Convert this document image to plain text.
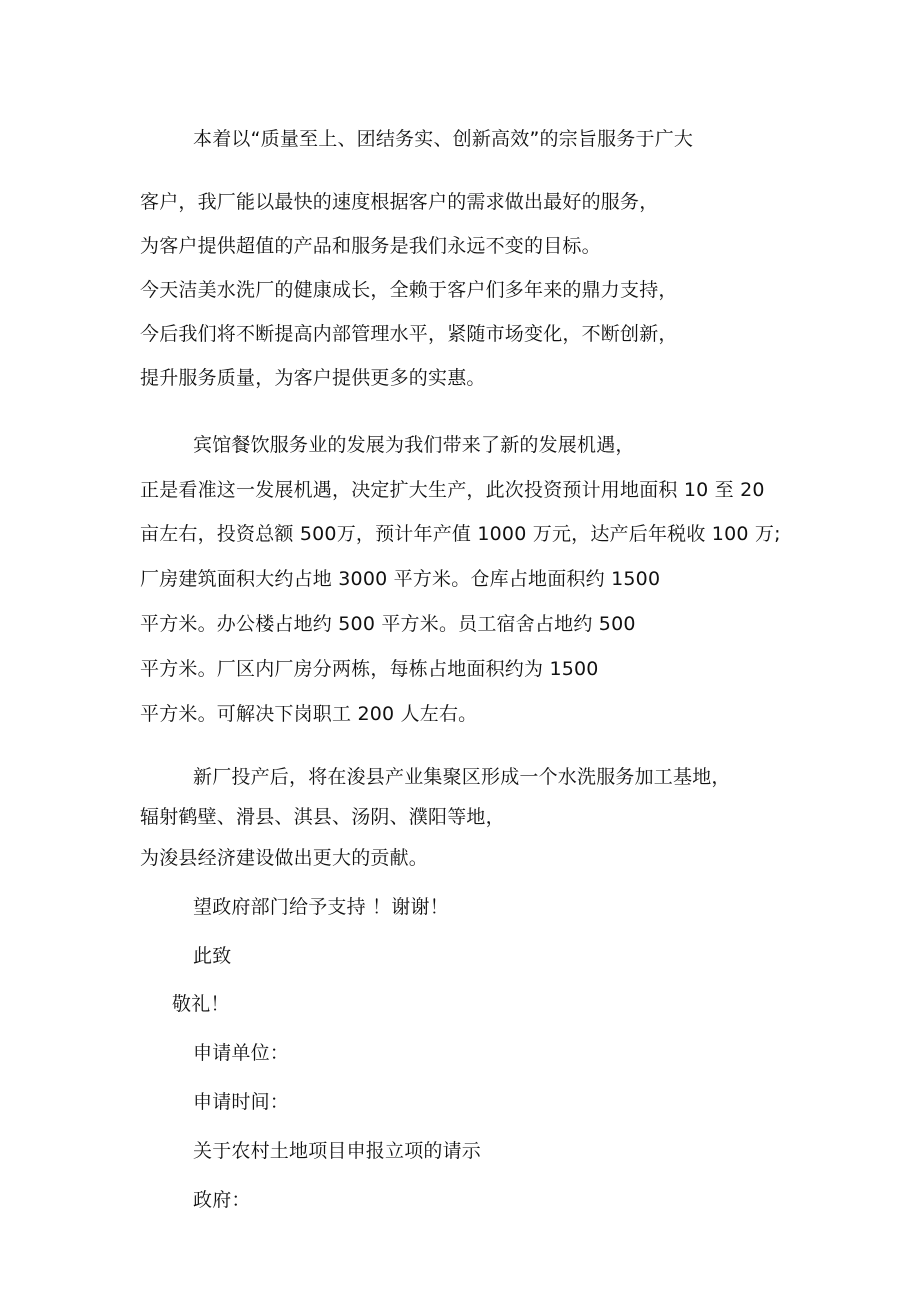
本着以“质量至上、团结务实、创新高效”的宗旨服务于广大
客户，我厂能以最快的速度根据客户的需求做出最好的服务，
为客户提供超值的产品和服务是我们永远不变的目标。
今天洁美水洗厂的健康成长，全赖于客户们多年来的鼎力支持，
今后我们将不断提高内部管理水平，紧随市场变化，不断创新，
提升服务质量，为客户提供更多的实惠。
宾馆餐饮服务业的发展为我们带来了新的发展机遇，
正是看准这一发展机遇，决定扩大生产，此次投资预计用地面积 10 至 20
亩左右，投资总额 500万，预计年产值 1000 万元，达产后年税收 100 万;
厂房建筑面积大约占地 3000 平方米。仓库占地面积约 1500
平方米。办公楼占地约 500 平方米。员工宿舍占地约 500
平方米。厂区内厂房分两栋，每栋占地面积约为 1500
平方米。可解决下岗职工 200 人左右。
新厂投产后，将在浚县产业集聚区形成一个水洗服务加工基地，
辐射鹤壁、滑县、淇县、汤阴、濮阳等地，
为浚县经济建设做出更大的贡献。
望政府部门给予支持 ！谢谢！
此致
敬礼！
申请单位：
申请时间：
关于农村土地项目申报立项的请示
政府：
